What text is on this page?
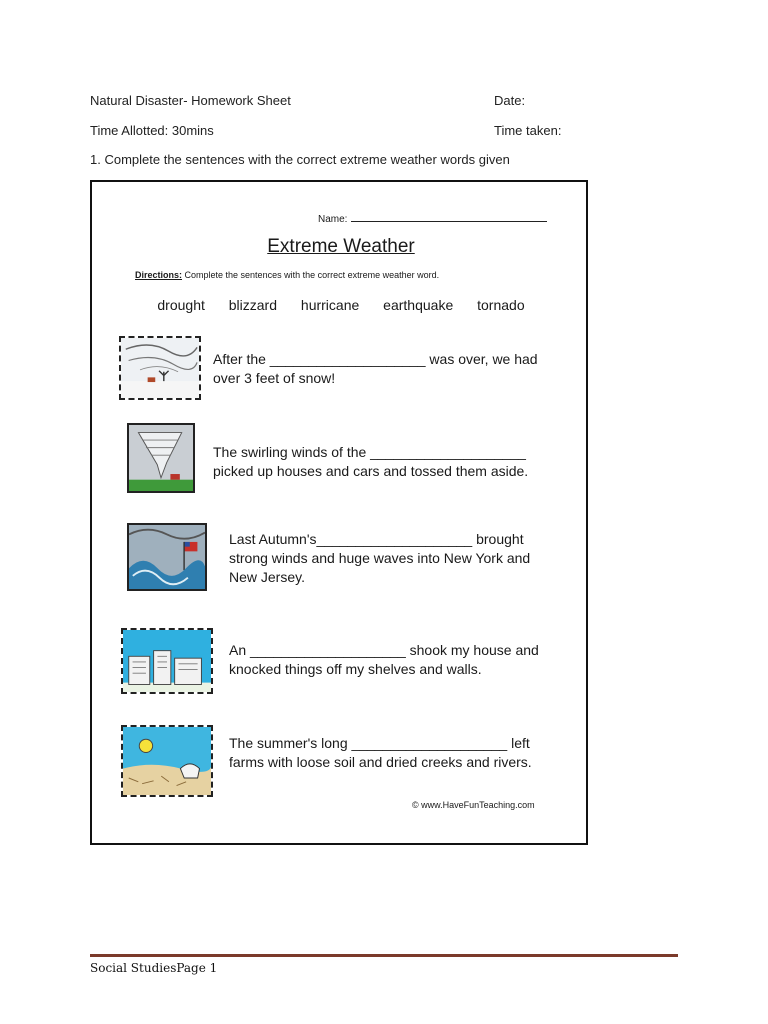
Natural Disaster- Homework Sheet	Date:
Time Allotted: 30mins	Time taken:
1. Complete the sentences with the correct extreme weather words given
Name:
Extreme Weather
Directions: Complete the sentences with the correct extreme weather word.
drought blizzard hurricane earthquake tornado
After the ____________________ was over, we had
over 3 feet of snow!
The swirling winds of the ____________________
picked up houses and cars and tossed them aside.
Last Autumn's____________________ brought
strong winds and huge waves into New York and
New Jersey.
An ____________________ shook my house and
knocked things off my shelves and walls.
The summer's long ____________________ left
farms with loose soil and dried creeks and rivers.
© www.HaveFunTeaching.com
Social StudiesPage 1
